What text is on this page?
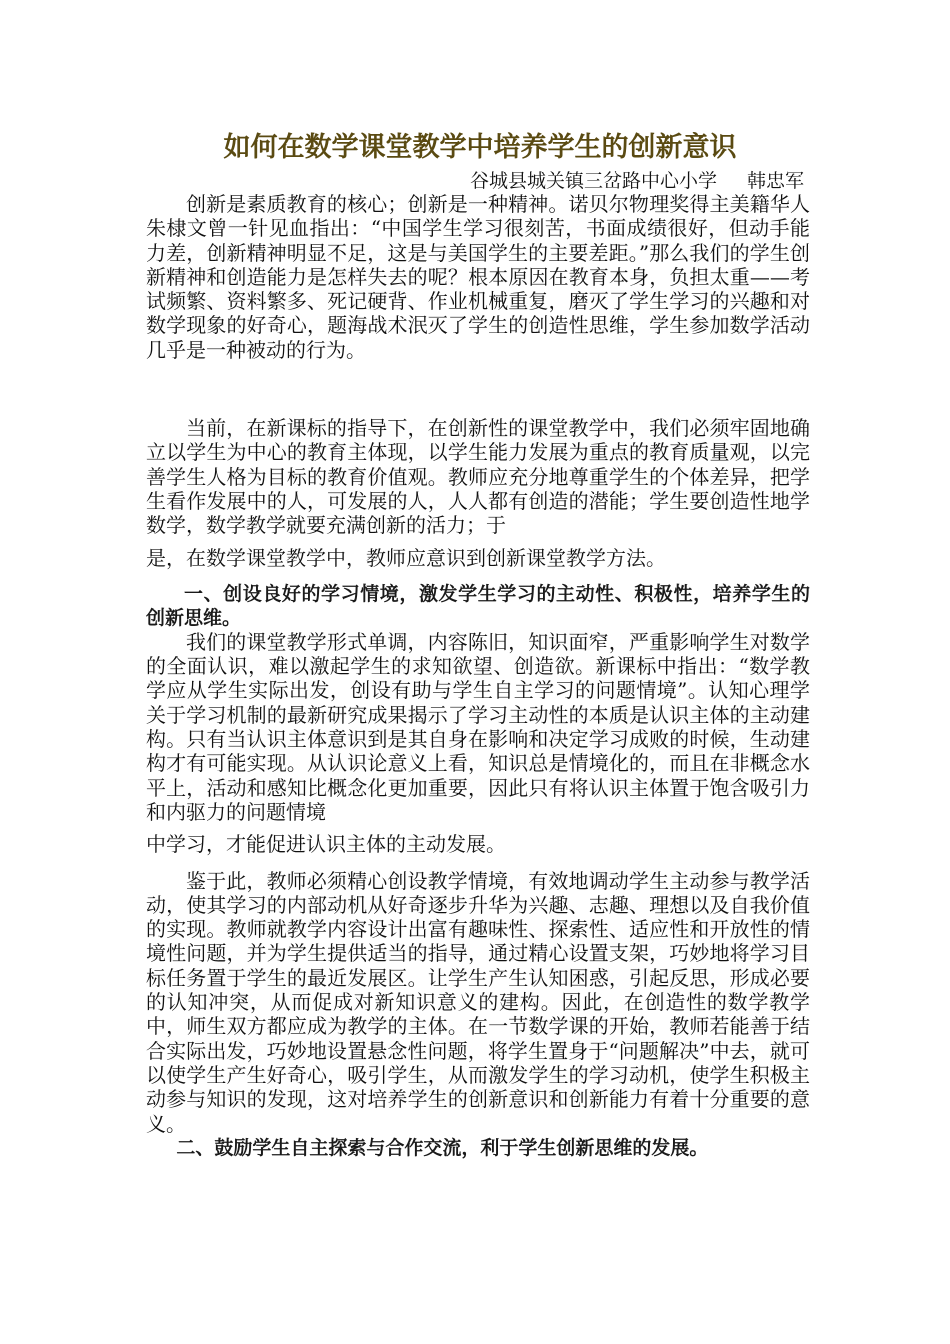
如何在数学课堂教学中培养学生的创新意识
谷城县城关镇三岔路中心小学 韩忠军

创新是素质教育的核心；创新是一种精神。诺贝尔物理奖得主美籍华人朱棣文曾一针见血指出：“中国学生学习很刻苦，书面成绩很好，但动手能力差，创新精神明显不足，这是与美国学生的主要差距。”那么我们的学生创新精神和创造能力是怎样失去的呢？根本原因在教育本身，负担太重——考试频繁、资料繁多、死记硬背、作业机械重复，磨灭了学生学习的兴趣和对数学现象的好奇心，题海战术泯灭了学生的创造性思维，学生参加数学活动几乎是一种被动的行为。

当前，在新课标的指导下，在创新性的课堂教学中，我们必须牢固地确立以学生为中心的教育主体现，以学生能力发展为重点的教育质量观，以完善学生人格为目标的教育价值观。教师应充分地尊重学生的个体差异，把学生看作发展中的人，可发展的人，人人都有创造的潜能；学生要创造性地学数学，数学教学就要充满创新的活力；于
是，在数学课堂教学中，教师应意识到创新课堂教学方法。

一、创设良好的学习情境，激发学生学习的主动性、积极性，培养学生的创新思维。

我们的课堂教学形式单调，内容陈旧，知识面窄，严重影响学生对数学的全面认识，难以激起学生的求知欲望、创造欲。新课标中指出：“数学教学应从学生实际出发，创设有助与学生自主学习的问题情境”。认知心理学关于学习机制的最新研究成果揭示了学习主动性的本质是认识主体的主动建构。只有当认识主体意识到是其自身在影响和决定学习成败的时候，生动建构才有可能实现。从认识论意义上看，知识总是情境化的，而且在非概念水平上，活动和感知比概念化更加重要，因此只有将认识主体置于饱含吸引力和内驱力的问题情境
中学习，才能促进认识主体的主动发展。

鉴于此，教师必须精心创设教学情境，有效地调动学生主动参与教学活动，使其学习的内部动机从好奇逐步升华为兴趣、志趣、理想以及自我价值的实现。教师就教学内容设计出富有趣味性、探索性、适应性和开放性的情境性问题，并为学生提供适当的指导，通过精心设置支架，巧妙地将学习目标任务置于学生的最近发展区。让学生产生认知困惑，引起反思，形成必要的认知冲突，从而促成对新知识意义的建构。因此，在创造性的数学教学中，师生双方都应成为教学的主体。在一节数学课的开始，教师若能善于结合实际出发，巧妙地设置悬念性问题，将学生置身于“问题解决”中去，就可以使学生产生好奇心，吸引学生，从而激发学生的学习动机，使学生积极主动参与知识的发现，这对培养学生的创新意识和创新能力有着十分重要的意义。

二、鼓励学生自主探索与合作交流，利于学生创新思维的发展。
